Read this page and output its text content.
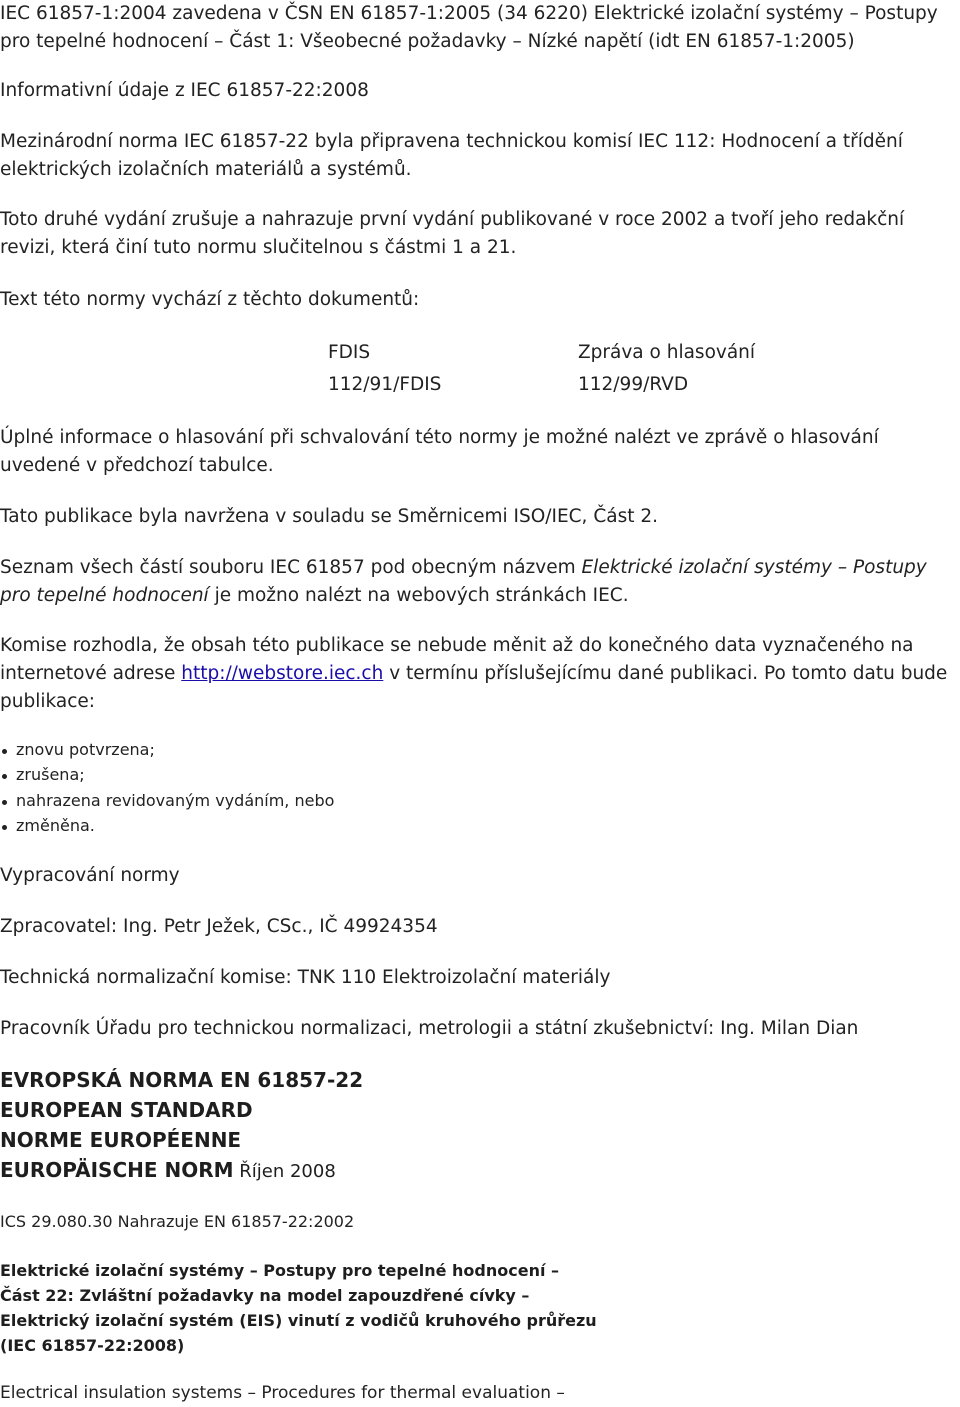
IEC 61857-1:2004 zavedena v ČSN EN 61857-1:2005 (34 6220) Elektrické izolační systémy – Postupy
pro tepelné hodnocení – Část 1: Všeobecné požadavky – Nízké napětí (idt EN 61857-1:2005)
Informativní údaje z IEC 61857-22:2008
Mezinárodní norma IEC 61857-22 byla připravena technickou komisí IEC 112: Hodnocení a třídění
elektrických izolačních materiálů a systémů.
Toto druhé vydání zrušuje a nahrazuje první vydání publikované v roce 2002 a tvoří jeho redakční
revizi, která činí tuto normu slučitelnou s částmi 1 a 21.
Text této normy vychází z těchto dokumentů:
FDIS	Zpráva o hlasování
112/91/FDIS	112/99/RVD
Úplné informace o hlasování při schvalování této normy je možné nalézt ve zprávě o hlasování
uvedené v předchozí tabulce.
Tato publikace byla navržena v souladu se Směrnicemi ISO/IEC, Část 2.
Seznam všech částí souboru IEC 61857 pod obecným názvem Elektrické izolační systémy – Postupy
pro tepelné hodnocení je možno nalézt na webových stránkách IEC.
Komise rozhodla, že obsah této publikace se nebude měnit až do konečného data vyznačeného na
internetové adrese http://webstore.iec.ch v termínu příslušejícímu dané publikaci. Po tomto datu bude
publikace:
znovu potvrzena;
zrušena;
nahrazena revidovaným vydáním, nebo
změněna.
Vypracování normy
Zpracovatel: Ing. Petr Ježek, CSc., IČ 49924354
Technická normalizační komise: TNK 110 Elektroizolační materiály
Pracovník Úřadu pro technickou normalizaci, metrologii a státní zkušebnictví: Ing. Milan Dian
EVROPSKÁ NORMA EN 61857-22
EUROPEAN STANDARD
NORME EUROPÉENNE
EUROPÄISCHE NORM Říjen 2008
ICS 29.080.30 Nahrazuje EN 61857-22:2002
Elektrické izolační systémy – Postupy pro tepelné hodnocení –
Část 22: Zvláštní požadavky na model zapouzdřené cívky –
Elektrický izolační systém (EIS) vinutí z vodičů kruhového průřezu
(IEC 61857-22:2008)
Electrical insulation systems – Procedures for thermal evaluation –
